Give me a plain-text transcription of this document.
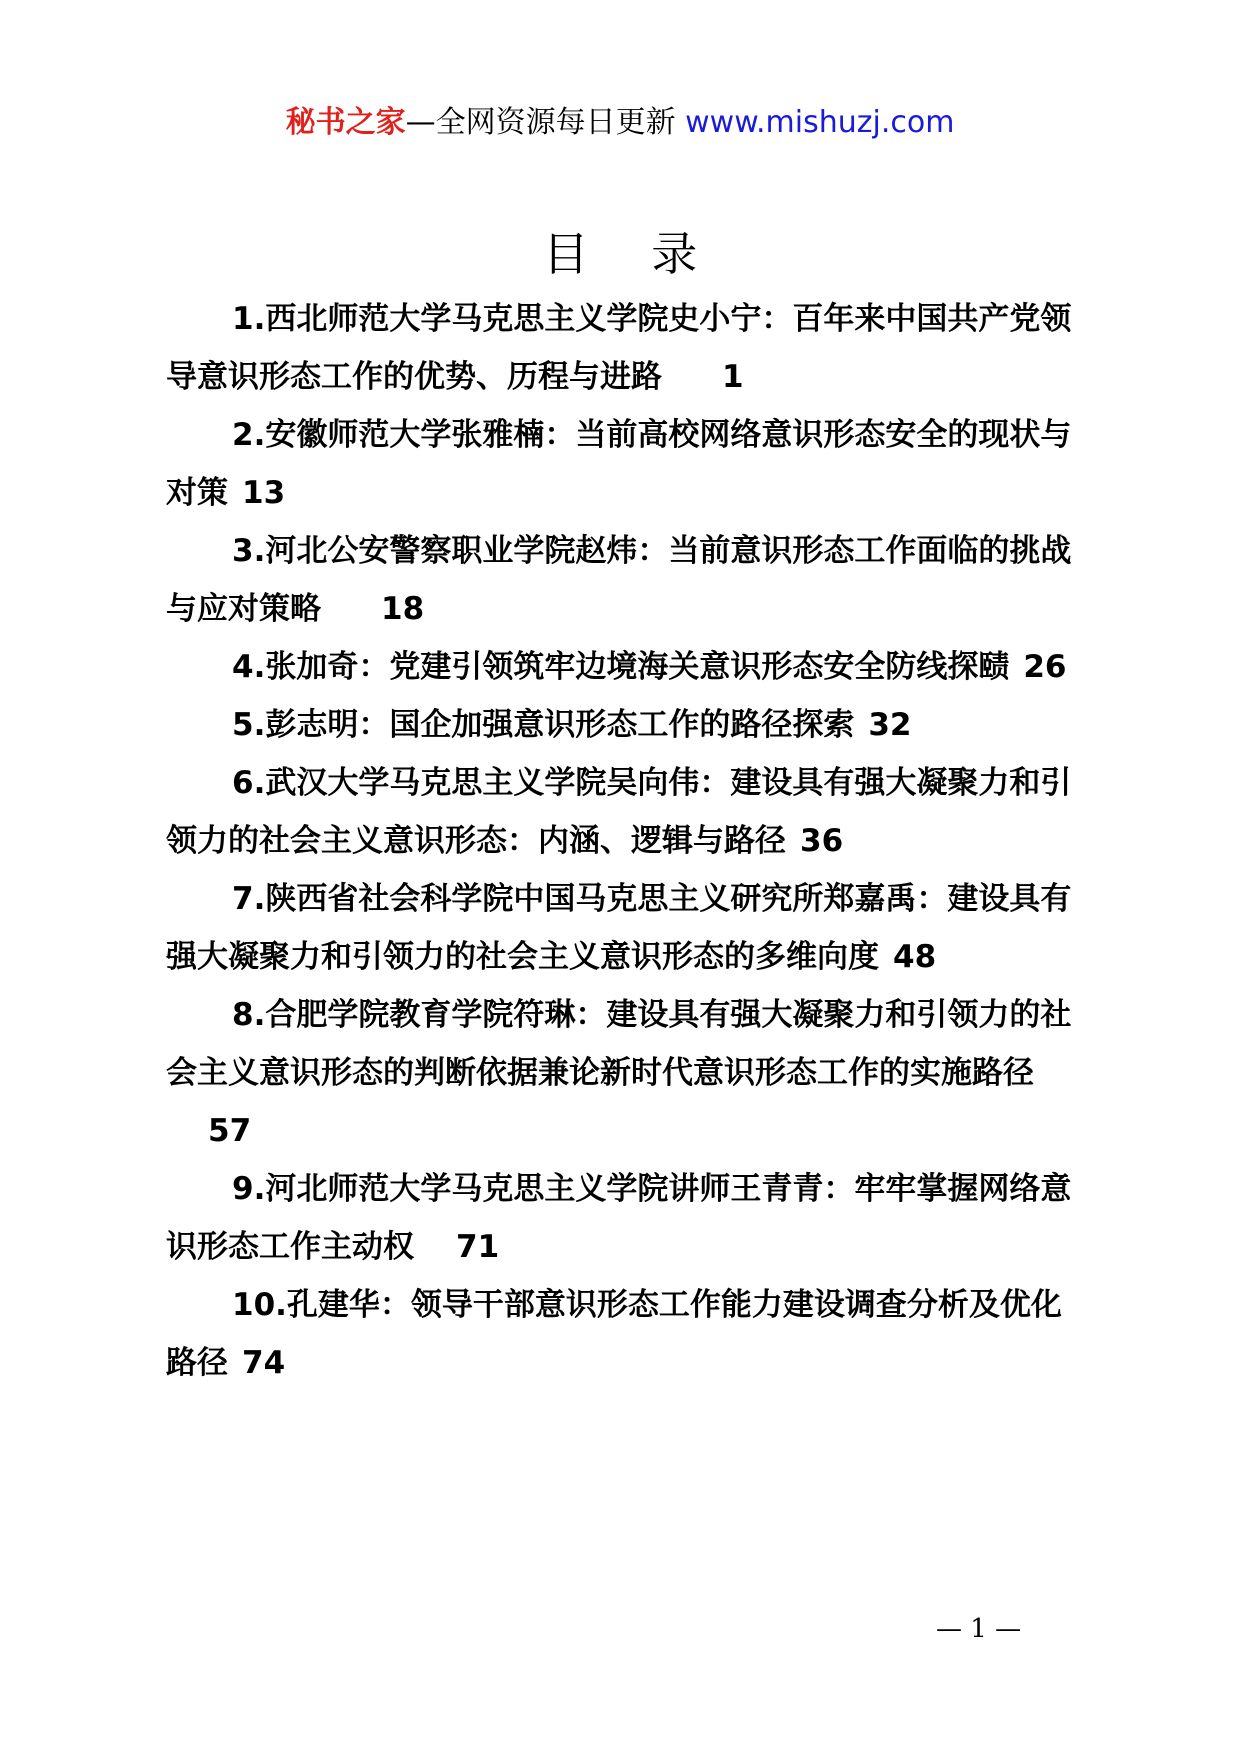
秘书之家—全网资源每日更新 www.mishuzj.com
目 录
1.西北师范大学马克思主义学院史小宁：百年来中国共产党领导意识形态工作的优势、历程与进路 1
2.安徽师范大学张雅楠：当前高校网络意识形态安全的现状与对策 13
3.河北公安警察职业学院赵炜：当前意识形态工作面临的挑战与应对策略 18
4.张加奇：党建引领筑牢边境海关意识形态安全防线探赜 26
5.彭志明：国企加强意识形态工作的路径探索 32
6.武汉大学马克思主义学院吴向伟：建设具有强大凝聚力和引领力的社会主义意识形态：内涵、逻辑与路径 36
7.陕西省社会科学院中国马克思主义研究所郑嘉禹：建设具有强大凝聚力和引领力的社会主义意识形态的多维向度 48
8.合肥学院教育学院符琳：建设具有强大凝聚力和引领力的社会主义意识形态的判断依据兼论新时代意识形态工作的实施路径57
9.河北师范大学马克思主义学院讲师王青青：牢牢掌握网络意识形态工作主动权 71
10.孔建华：领导干部意识形态工作能力建设调查分析及优化路径 74
— 1 —
